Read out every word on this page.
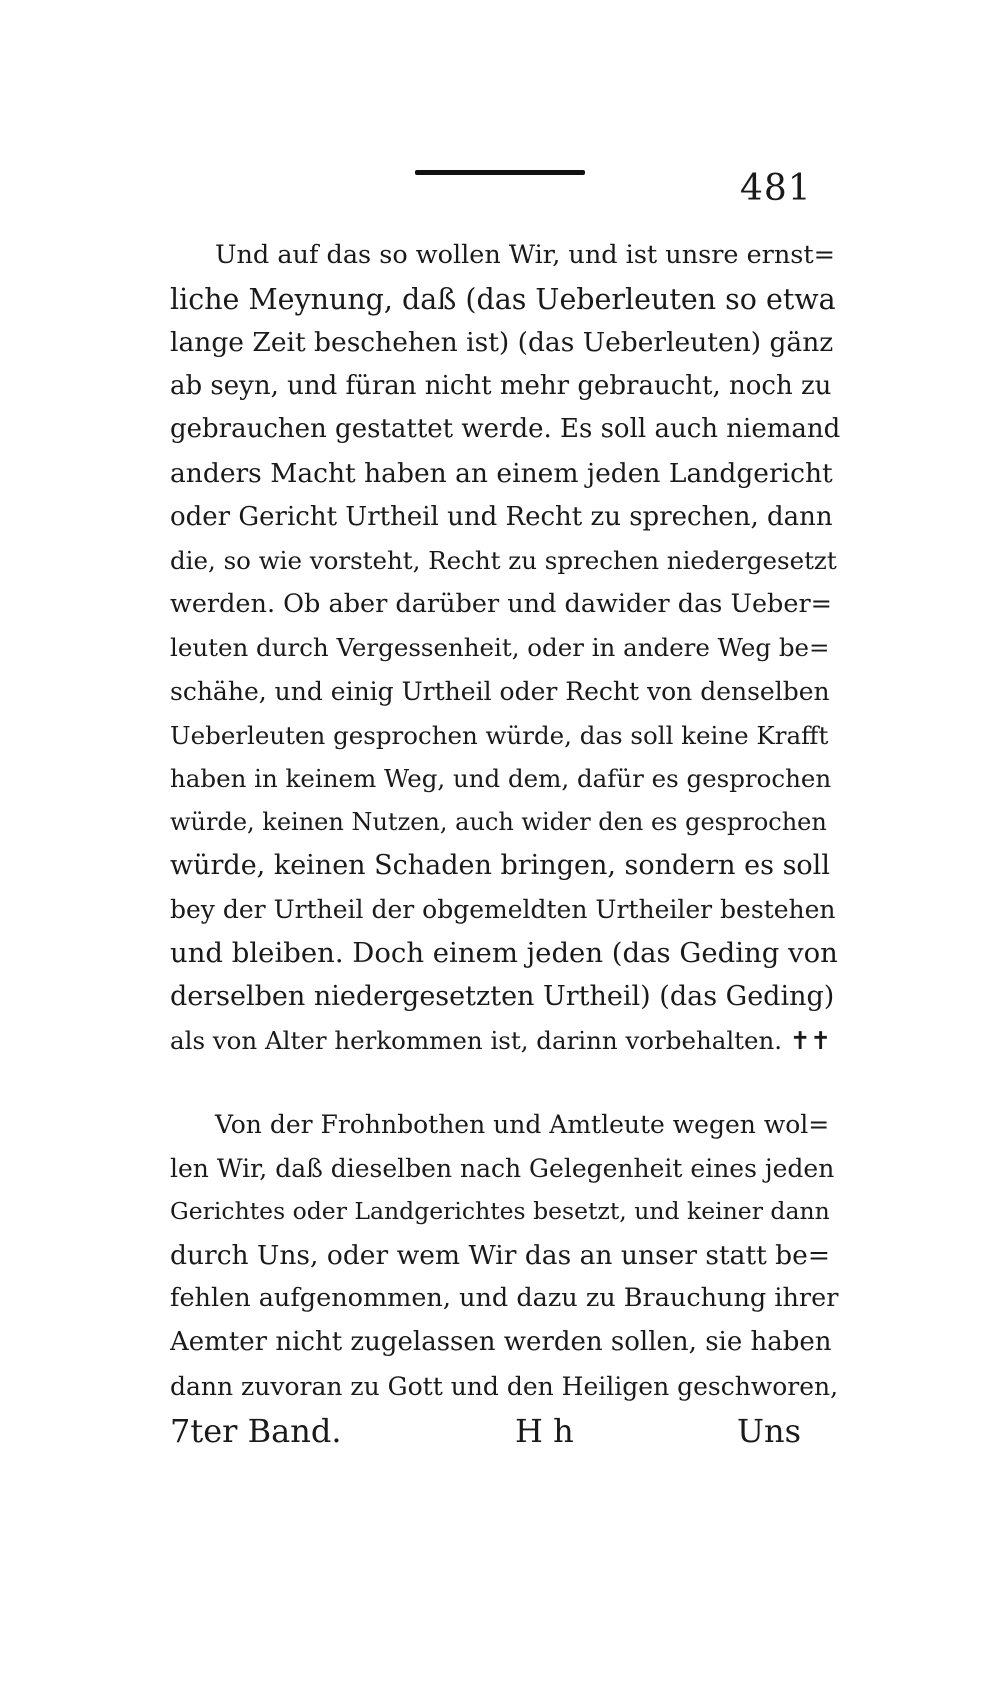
481

Und auf das so wollen Wir, und ist unsre ernst=
liche Meynung, daß (das Ueberleuten so etwa
lange Zeit beschehen ist) (das Ueberleuten) gänz
ab seyn, und füran nicht mehr gebraucht, noch zu
gebrauchen gestattet werde. Es soll auch niemand
anders Macht haben an einem jeden Landgericht
oder Gericht Urtheil und Recht zu sprechen, dann
die, so wie vorsteht, Recht zu sprechen niedergesetzt
werden. Ob aber darüber und dawider das Ueber=
leuten durch Vergessenheit, oder in andere Weg be=
schähe, und einig Urtheil oder Recht von denselben
Ueberleuten gesprochen würde, das soll keine Krafft
haben in keinem Weg, und dem, dafür es gesprochen
würde, keinen Nutzen, auch wider den es gesprochen
würde, keinen Schaden bringen, sondern es soll
bey der Urtheil der obgemeldten Urtheiler bestehen
und bleiben. Doch einem jeden (das Geding von
derselben niedergesetzten Urtheil) (das Geding)
als von Alter herkommen ist, darinn vorbehalten. ✝✝

Von der Frohnbothen und Amtleute wegen wol=
len Wir, daß dieselben nach Gelegenheit eines jeden
Gerichtes oder Landgerichtes besetzt, und keiner dann
durch Uns, oder wem Wir das an unser statt be=
fehlen aufgenommen, und dazu zu Brauchung ihrer
Aemter nicht zugelassen werden sollen, sie haben
dann zuvoran zu Gott und den Heiligen geschworen,

7ter Band.	H h	Uns
